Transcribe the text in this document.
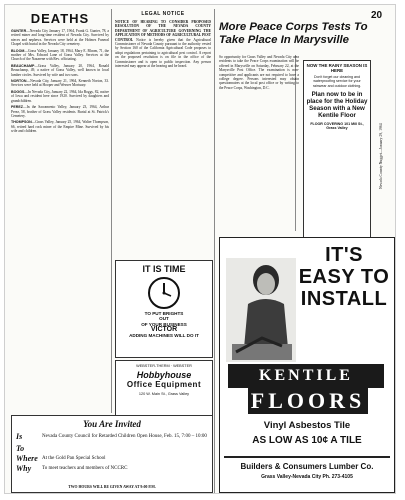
DEATHS
GUNTER—Nevada City January 17, 1964, Frank G. Gunter, 78, a retired miner and long-time resident of Nevada City. Survived by nieces and nephews. Services were held at the Holmes Funeral Chapel with burial in the Nevada City cemetery.
BLOOM—Grass Valley, January 18, 1964, Mary E. Bloom, 71, the mother of Mrs. Edward Lane of Grass Valley. Services at the Church of the Nazarene with Rev. officiating.
BEAUCHAMP—Grass Valley, January 20, 1964, Ronald Beauchamp, 49, a native of Grass Valley, well known in local lumber circles. Survived by wife and two sons.
NORTON—Nevada City, January 21, 1964, Kenneth Norton, 33. Services were held at Hooper and Weaver Mortuary.
BOGGS—In Nevada City, January 22, 1964, Ida Boggs, 82, native of Iowa and resident here since 1920. Survived by daughters and grandchildren.
PEREZ—In the Sacramento Valley, January 23, 1964, Arthur Perez, 58, brother of Grass Valley residents. Burial at St. Patrick's Cemetery.
THOMPSON—Grass Valley, January 25, 1964, Walter Thompson, 66, retired hard rock miner of the Empire Mine. Survived by his wife and children.
LEGAL NOTICE
NOTICE OF HEARING TO CONSIDER PROPOSED RESOLUTION OF THE NEVADA COUNTY DEPARTMENT OF AGRICULTURE GOVERNING THE APPLICATION OF METHODS OF AGRICULTURAL PEST CONTROL Notice is hereby given that the Agricultural Commissioner of Nevada County pursuant to the authority vested by Section 160 of the California Agricultural Code proposes to adopt regulations pertaining to agricultural pest control. A report on the proposed resolution is on file in the office of the Commissioner and is open to public inspection. Any person interested may appear at the hearing and be heard.
IT IS TIME
TO PUT BRIGHTS
OUT
OF YOUR BUSINESS
VICTOR
ADDING MACHINES WILL DO IT
WEBSTER-THERM · WEBSTER
Hobbyhouse
Office Equipment
120 W. Main St., Grass Valley
20
Nevada County Nugget—January 29, 1964
More Peace Corps Tests To Take Place In Marysville
So opportunity for Grass Valley and Nevada City area residents to take the Peace Corps examination will be offered in Marysville on Saturday, February 22, at the Marysville Post Office. The examination is non-competitive and applicants are not required to have a college degree. Persons interested may obtain questionnaires at the local post office or by writing to the Peace Corps, Washington, D.C.
NOW THE RAINY SEASON IS HERE
Don't forget our cleaning and waterproofing service for your rainwear and outdoor clothing.
Plan now to be in place for the Holiday Season with a New Kentile Floor
FLOOR COVERING 101 Mill St., Grass Valley
IT'S EASY TO INSTALL
KENTILE
FLOORS
Vinyl Asbestos Tile
AS LOW AS 10¢ A TILE
Builders & Consumers Lumber Co.
Grass Valley-Nevada City Ph. 273-4105
You Are Invited
Is	Nevada County Council for Retarded Children Open House, Feb. 15, 7:00 – 10:00
To
Where At the Gold Pan Special School
Why To meet teachers and members of NCCRC
TWO HOURS WILL BE GIVEN AWAY AT 9:00 P.M.
